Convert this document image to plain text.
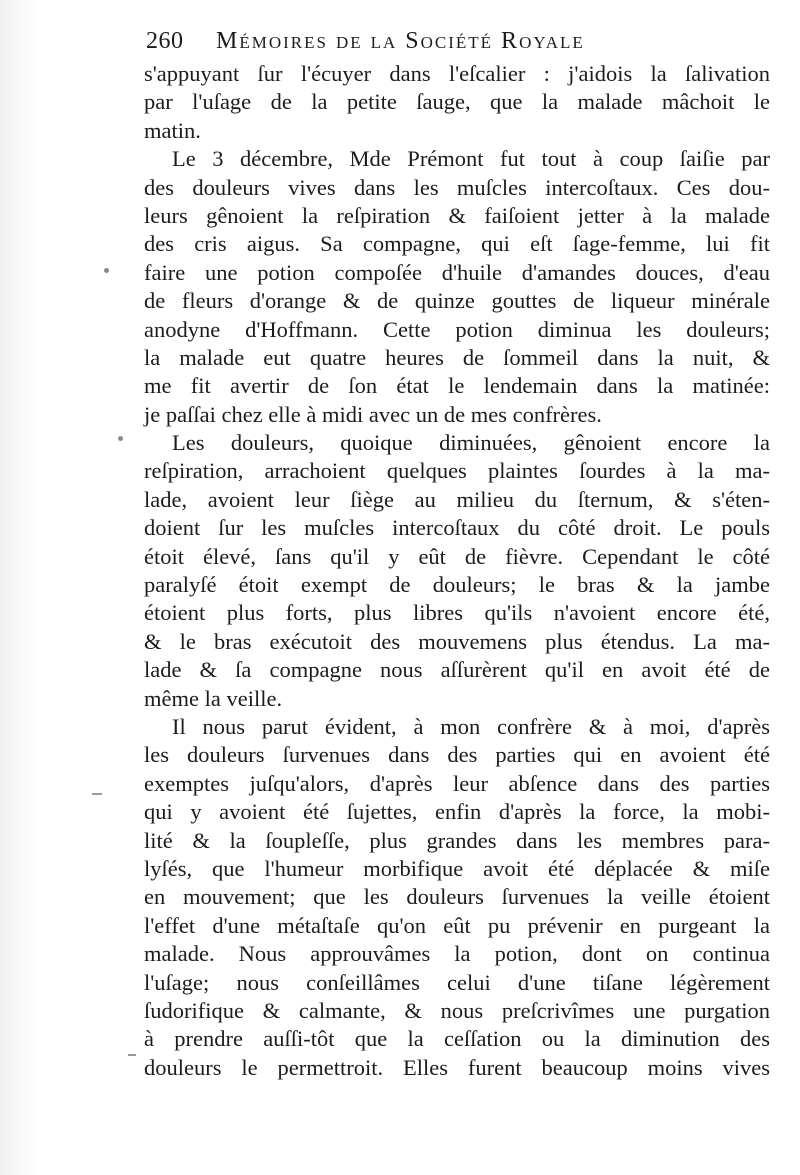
260 Mémoires de la Société Royale
s'appuyant ſur l'écuyer dans l'eſcalier : j'aidois la ſalivation
par l'uſage de la petite ſauge, que la malade mâchoit le
matin.
Le 3 décembre, Mde Prémont fut tout à coup ſaiſie par
des douleurs vives dans les muſcles intercoſtaux. Ces dou-
leurs gênoient la reſpiration & faiſoient jetter à la malade
des cris aigus. Sa compagne, qui eſt ſage-femme, lui fit
faire une potion compoſée d'huile d'amandes douces, d'eau
de fleurs d'orange & de quinze gouttes de liqueur minérale
anodyne d'Hoffmann. Cette potion diminua les douleurs;
la malade eut quatre heures de ſommeil dans la nuit, &
me fit avertir de ſon état le lendemain dans la matinée:
je paſſai chez elle à midi avec un de mes confrères.
Les douleurs, quoique diminuées, gênoient encore la
reſpiration, arrachoient quelques plaintes ſourdes à la ma-
lade, avoient leur ſiège au milieu du ſternum, & s'éten-
doient ſur les muſcles intercoſtaux du côté droit. Le pouls
étoit élevé, ſans qu'il y eût de fièvre. Cependant le côté
paralyſé étoit exempt de douleurs; le bras & la jambe
étoient plus forts, plus libres qu'ils n'avoient encore été,
& le bras exécutoit des mouvemens plus étendus. La ma-
lade & ſa compagne nous aſſurèrent qu'il en avoit été de
même la veille.
Il nous parut évident, à mon confrère & à moi, d'après
les douleurs ſurvenues dans des parties qui en avoient été
exemptes juſqu'alors, d'après leur abſence dans des parties
qui y avoient été ſujettes, enfin d'après la force, la mobi-
lité & la ſoupleſſe, plus grandes dans les membres para-
lyſés, que l'humeur morbifique avoit été déplacée & miſe
en mouvement; que les douleurs ſurvenues la veille étoient
l'effet d'une métaſtaſe qu'on eût pu prévenir en purgeant la
malade. Nous approuvâmes la potion, dont on continua
l'uſage; nous conſeillâmes celui d'une tiſane légèrement
ſudorifique & calmante, & nous preſcrivîmes une purgation
à prendre auſſi-tôt que la ceſſation ou la diminution des
douleurs le permettroit. Elles furent beaucoup moins vives
